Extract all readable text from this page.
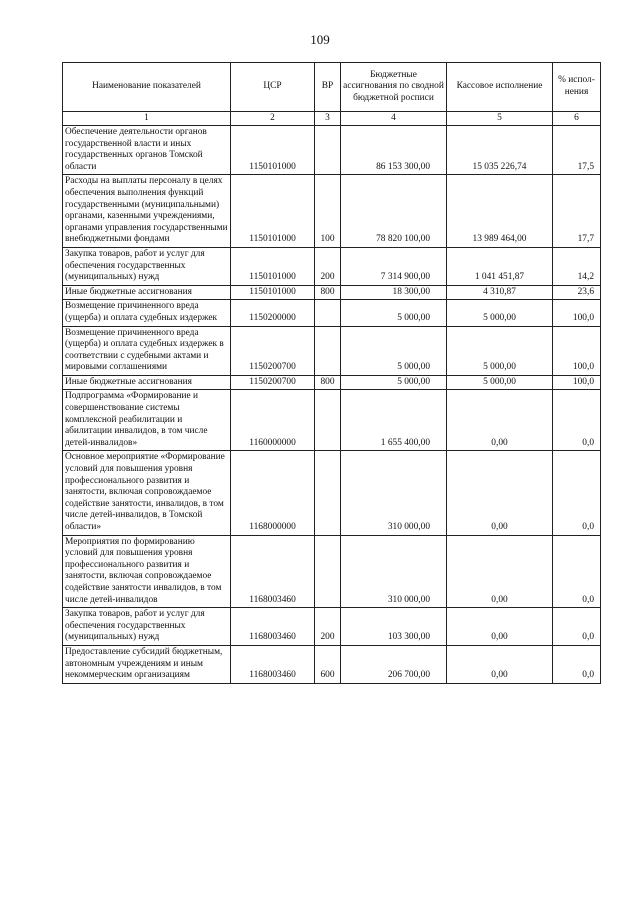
109
Наименование показателей	ЦСР	ВР	Бюджетные ассигнования по сводной бюджетной росписи	Кассовое исполнение	% испол-нения
1	2	3	4	5	6
Обеспечение деятельности органов государственной власти и иных государственных органов Томской области	1150101000		86 153 300,00	15 035 226,74	17,5
Расходы на выплаты персоналу в целях обеспечения выполнения функций государственными (муниципальными) органами, казенными учреждениями, органами управления государственными внебюджетными фондами	1150101000	100	78 820 100,00	13 989 464,00	17,7
Закупка товаров, работ и услуг для обеспечения государственных (муниципальных) нужд	1150101000	200	7 314 900,00	1 041 451,87	14,2
Иные бюджетные ассигнования	1150101000	800	18 300,00	4 310,87	23,6
Возмещение причиненного вреда (ущерба) и оплата судебных издержек	1150200000		5 000,00	5 000,00	100,0
Возмещение причиненного вреда (ущерба) и оплата судебных издержек в соответствии с судебными актами и мировыми соглашениями	1150200700		5 000,00	5 000,00	100,0
Иные бюджетные ассигнования	1150200700	800	5 000,00	5 000,00	100,0
Подпрограмма «Формирование и совершенствование системы комплексной реабилитации и абилитации инвалидов, в том числе детей-инвалидов»	1160000000		1 655 400,00	0,00	0,0
Основное мероприятие «Формирование условий для повышения уровня профессионального развития и занятости, включая сопровождаемое содействие занятости, инвалидов, в том числе детей-инвалидов, в Томской области»	1168000000		310 000,00	0,00	0,0
Мероприятия по формированию условий для повышения уровня профессионального развития и занятости, включая сопровождаемое содействие занятости инвалидов, в том числе детей-инвалидов	1168003460		310 000,00	0,00	0,0
Закупка товаров, работ и услуг для обеспечения государственных (муниципальных) нужд	1168003460	200	103 300,00	0,00	0,0
Предоставление субсидий бюджетным, автономным учреждениям и иным некоммерческим организациям	1168003460	600	206 700,00	0,00	0,0
